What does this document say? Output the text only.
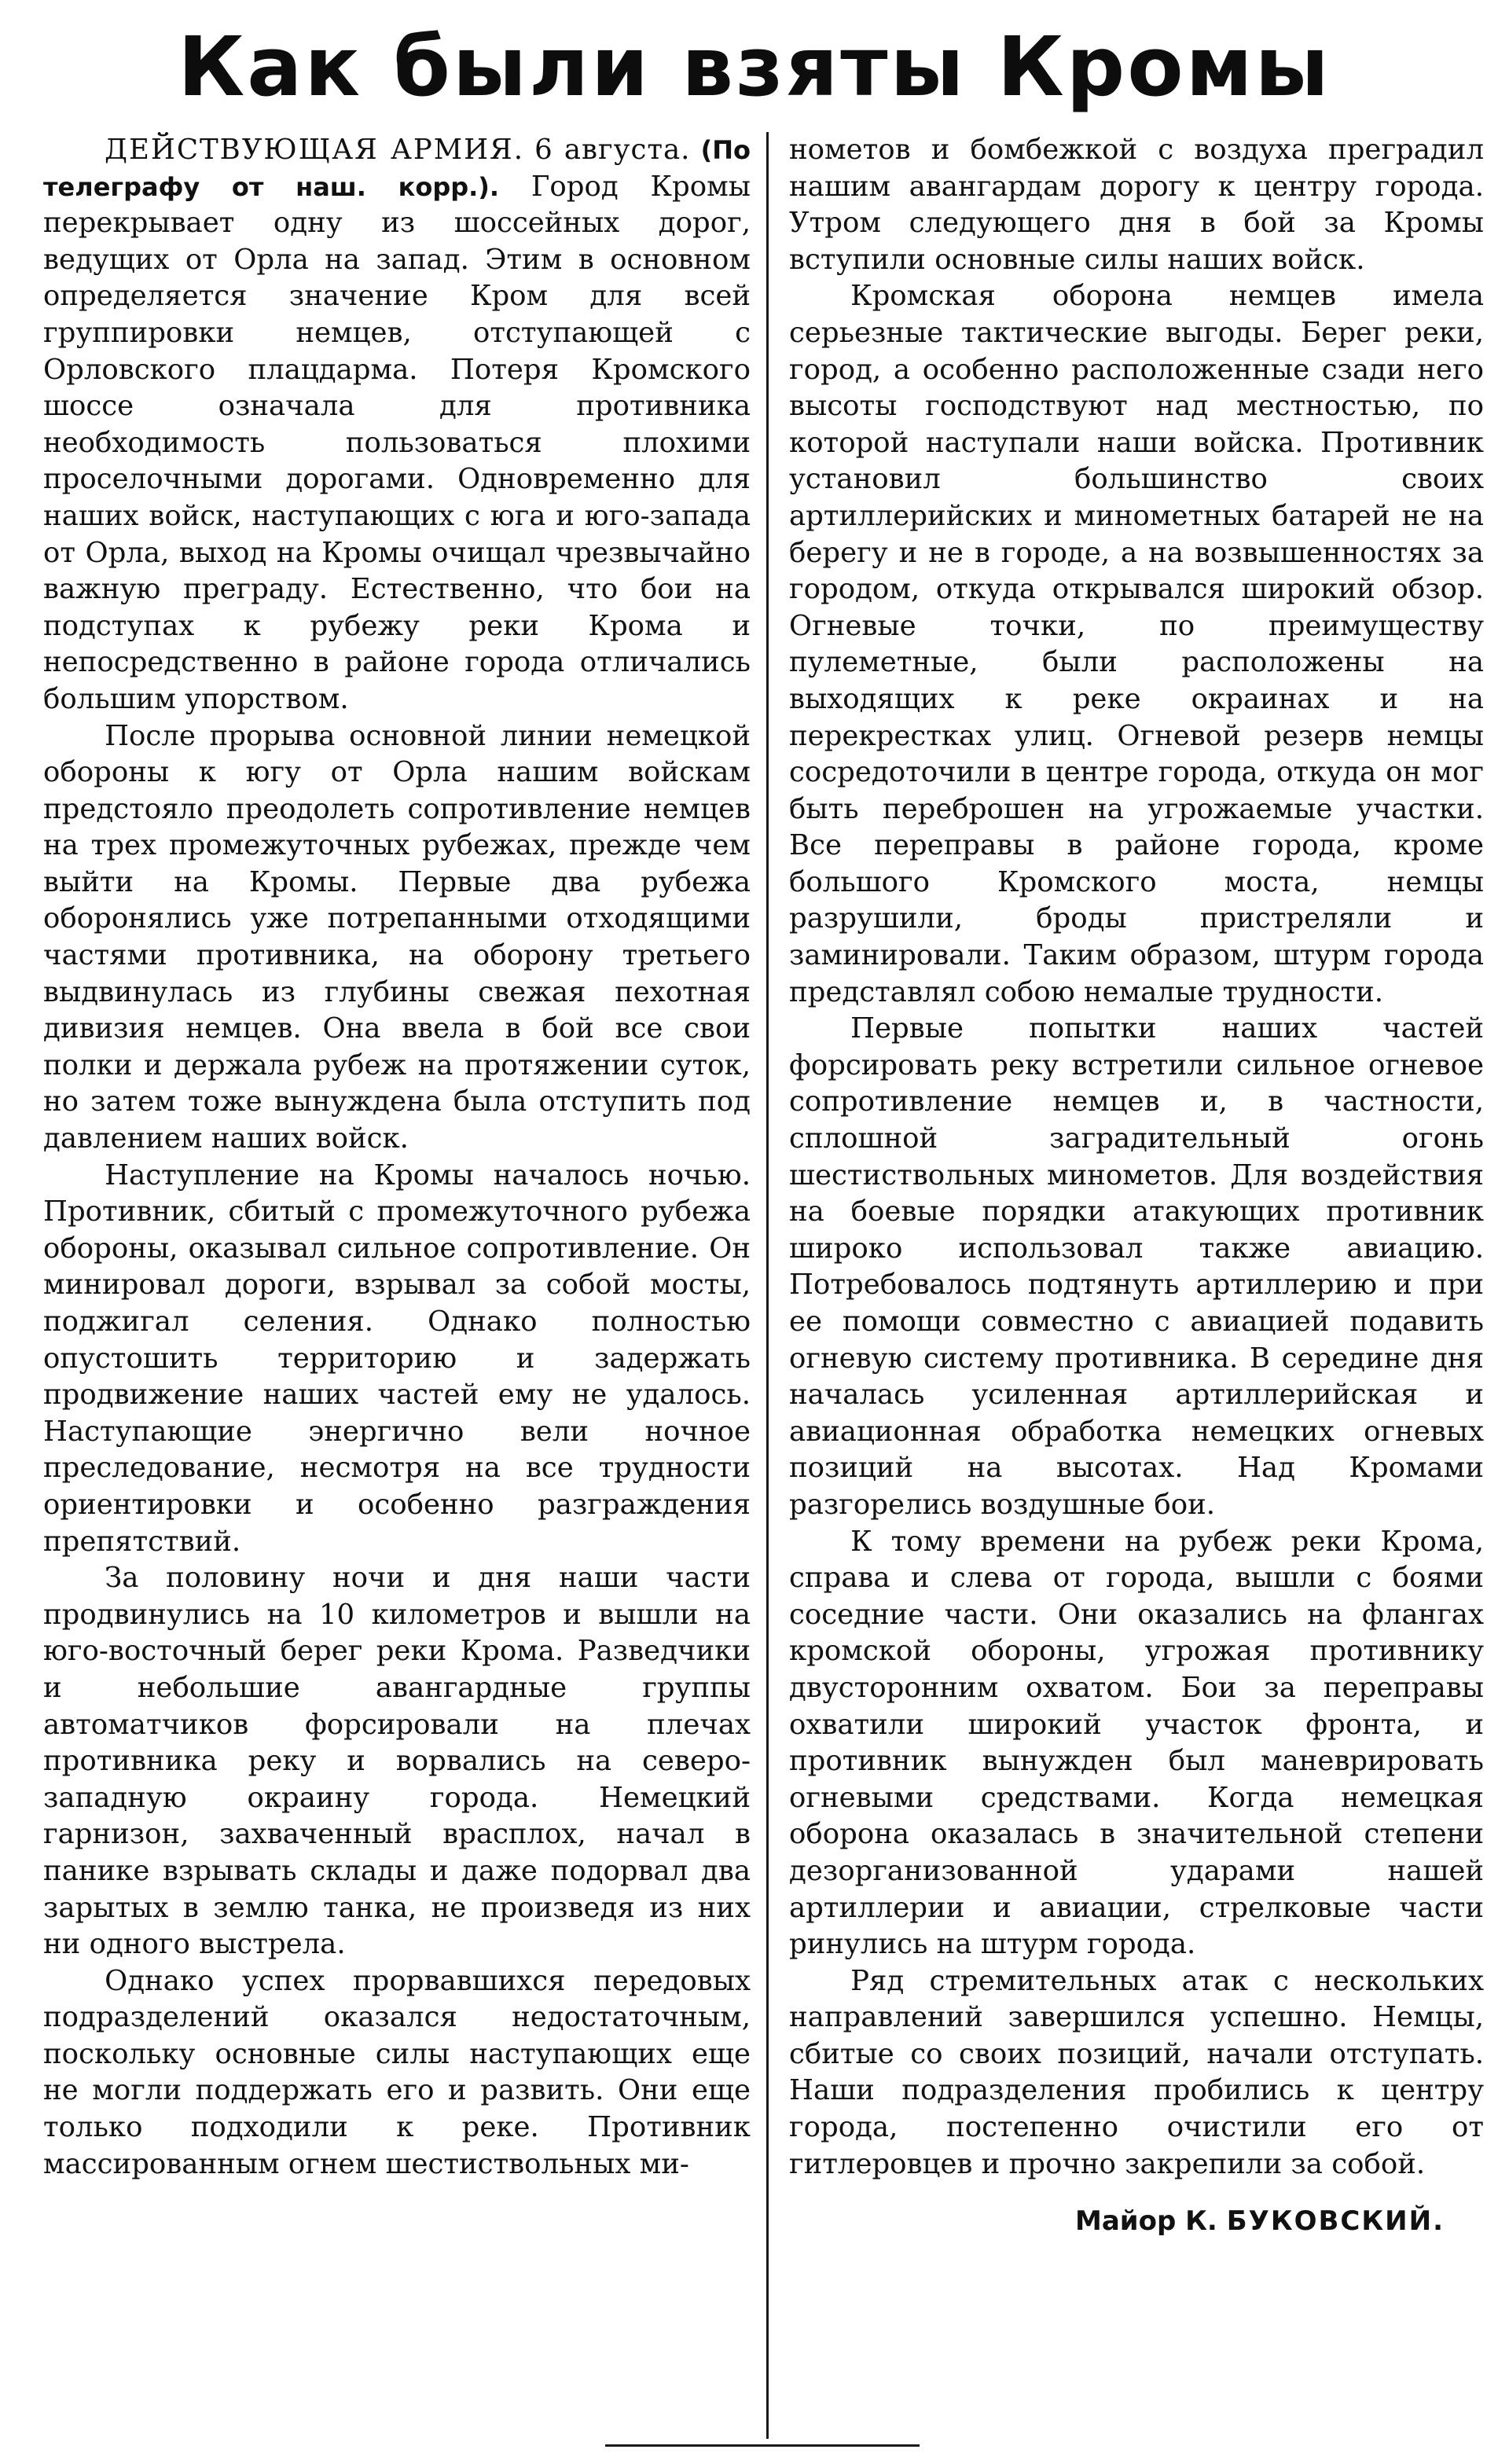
Как были взяты Кромы

ДЕЙСТВУЮЩАЯ АРМИЯ. 6 августа. (По телеграфу от наш. корр.). Город Кромы перекрывает одну из шоссейных дорог, ведущих от Орла на запад. Этим в основном определяется значение Кром для всей группировки немцев, отступающей с Орловского плацдарма. Потеря Кромского шоссе означала для противника необходимость пользоваться плохими проселочными дорогами. Одновременно для наших войск, наступающих с юга и юго-запада от Орла, выход на Кромы очищал чрезвычайно важную преграду. Естественно, что бои на подступах к рубежу реки Крома и непосредственно в районе города отличались большим упорством.

После прорыва основной линии немецкой обороны к югу от Орла нашим войскам предстояло преодолеть сопротивление немцев на трех промежуточных рубежах, прежде чем выйти на Кромы. Первые два рубежа оборонялись уже потрепанными отходящими частями противника, на оборону третьего выдвинулась из глубины свежая пехотная дивизия немцев. Она ввела в бой все свои полки и держала рубеж на протяжении суток, но затем тоже вынуждена была отступить под давлением наших войск.

Наступление на Кромы началось ночью. Противник, сбитый с промежуточного рубежа обороны, оказывал сильное сопротивление. Он минировал дороги, взрывал за собой мосты, поджигал селения. Однако полностью опустошить территорию и задержать продвижение наших частей ему не удалось. Наступающие энергично вели ночное преследование, несмотря на все трудности ориентировки и особенно разграждения препятствий.

За половину ночи и дня наши части продвинулись на 10 километров и вышли на юго-восточный берег реки Крома. Разведчики и небольшие авангардные группы автоматчиков форсировали на плечах противника реку и ворвались на северо-западную окраину города. Немецкий гарнизон, захваченный врасплох, начал в панике взрывать склады и даже подорвал два зарытых в землю танка, не произведя из них ни одного выстрела.

Однако успех прорвавшихся передовых подразделений оказался недостаточным, поскольку основные силы наступающих еще не могли поддержать его и развить. Они еще только подходили к реке. Противник массированным огнем шестиствольных ми-

нометов и бомбежкой с воздуха преградил нашим авангардам дорогу к центру города. Утром следующего дня в бой за Кромы вступили основные силы наших войск.

Кромская оборона немцев имела серьезные тактические выгоды. Берег реки, город, а особенно расположенные сзади него высоты господствуют над местностью, по которой наступали наши войска. Противник установил большинство своих артиллерийских и минометных батарей не на берегу и не в городе, а на возвышенностях за городом, откуда открывался широкий обзор. Огневые точки, по преимуществу пулеметные, были расположены на выходящих к реке окраинах и на перекрестках улиц. Огневой резерв немцы сосредоточили в центре города, откуда он мог быть переброшен на угрожаемые участки. Все переправы в районе города, кроме большого Кромского моста, немцы разрушили, броды пристреляли и заминировали. Таким образом, штурм города представлял собою немалые трудности.

Первые попытки наших частей форсировать реку встретили сильное огневое сопротивление немцев и, в частности, сплошной заградительный огонь шестиствольных минометов. Для воздействия на боевые порядки атакующих противник широко использовал также авиацию. Потребовалось подтянуть артиллерию и при ее помощи совместно с авиацией подавить огневую систему противника. В середине дня началась усиленная артиллерийская и авиационная обработка немецких огневых позиций на высотах. Над Кромами разгорелись воздушные бои.

К тому времени на рубеж реки Крома, справа и слева от города, вышли с боями соседние части. Они оказались на флангах кромской обороны, угрожая противнику двусторонним охватом. Бои за переправы охватили широкий участок фронта, и противник вынужден был маневрировать огневыми средствами. Когда немецкая оборона оказалась в значительной степени дезорганизованной ударами нашей артиллерии и авиации, стрелковые части ринулись на штурм города.

Ряд стремительных атак с нескольких направлений завершился успешно. Немцы, сбитые со своих позиций, начали отступать. Наши подразделения пробились к центру города, постепенно очистили его от гитлеровцев и прочно закрепили за собой.

Майор К. БУКОВСКИЙ.
